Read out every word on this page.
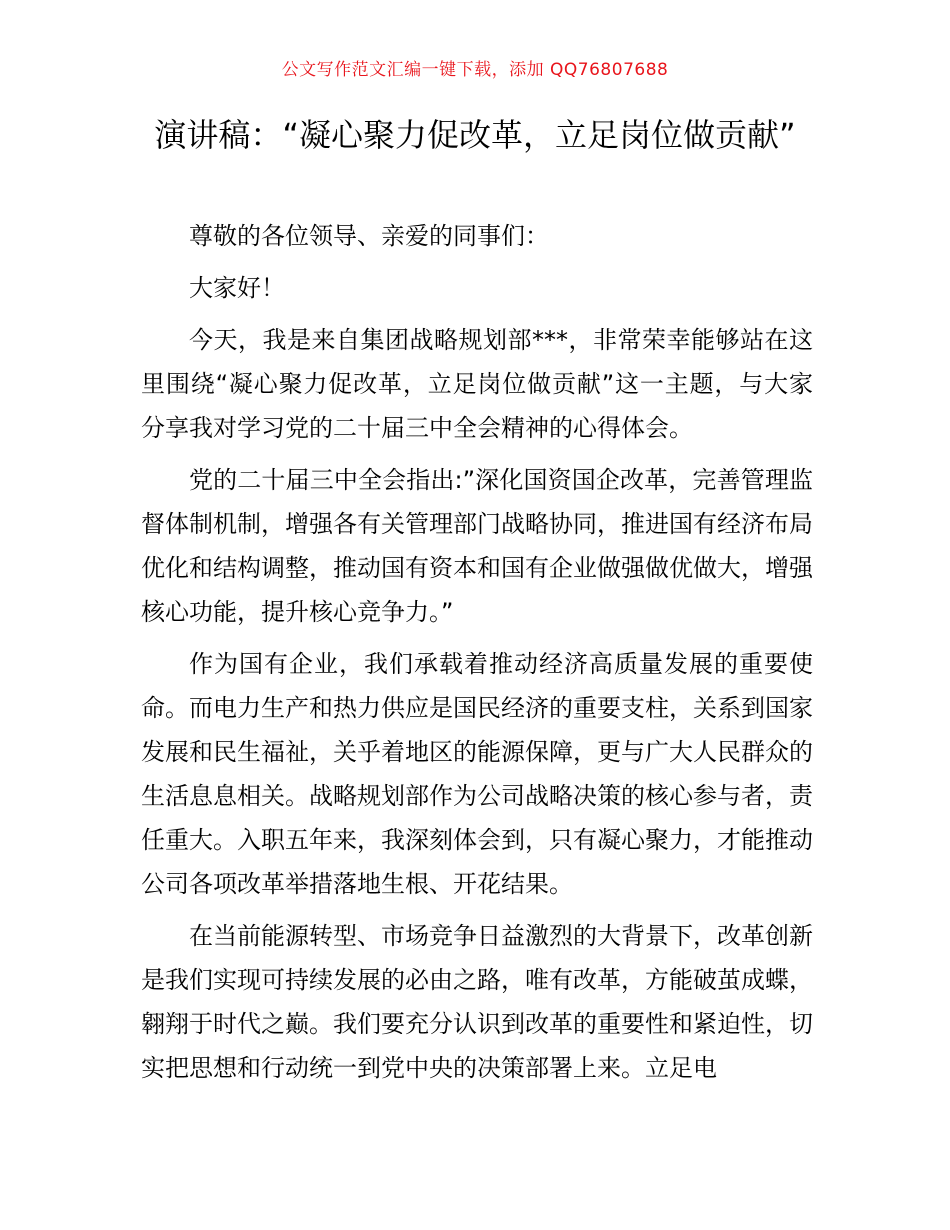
公文写作范文汇编一键下载，添加 QQ76807688
演讲稿：“凝心聚力促改革，立足岗位做贡献”

尊敬的各位领导、亲爱的同事们：

大家好！

今天，我是来自集团战略规划部***，非常荣幸能够站在这里围绕“凝心聚力促改革，立足岗位做贡献”这一主题，与大家分享我对学习党的二十届三中全会精神的心得体会。

党的二十届三中全会指出:”深化国资国企改革，完善管理监督体制机制，增强各有关管理部门战略协同，推进国有经济布局优化和结构调整，推动国有资本和国有企业做强做优做大，增强核心功能，提升核心竞争力。”

作为国有企业，我们承载着推动经济高质量发展的重要使命。而电力生产和热力供应是国民经济的重要支柱，关系到国家发展和民生福祉，关乎着地区的能源保障，更与广大人民群众的生活息息相关。战略规划部作为公司战略决策的核心参与者，责任重大。入职五年来，我深刻体会到，只有凝心聚力，才能推动公司各项改革举措落地生根、开花结果。

在当前能源转型、市场竞争日益激烈的大背景下，改革创新是我们实现可持续发展的必由之路，唯有改革，方能破茧成蝶，翱翔于时代之巅。我们要充分认识到改革的重要性和紧迫性，切实把思想和行动统一到党中央的决策部署上来。立足电
